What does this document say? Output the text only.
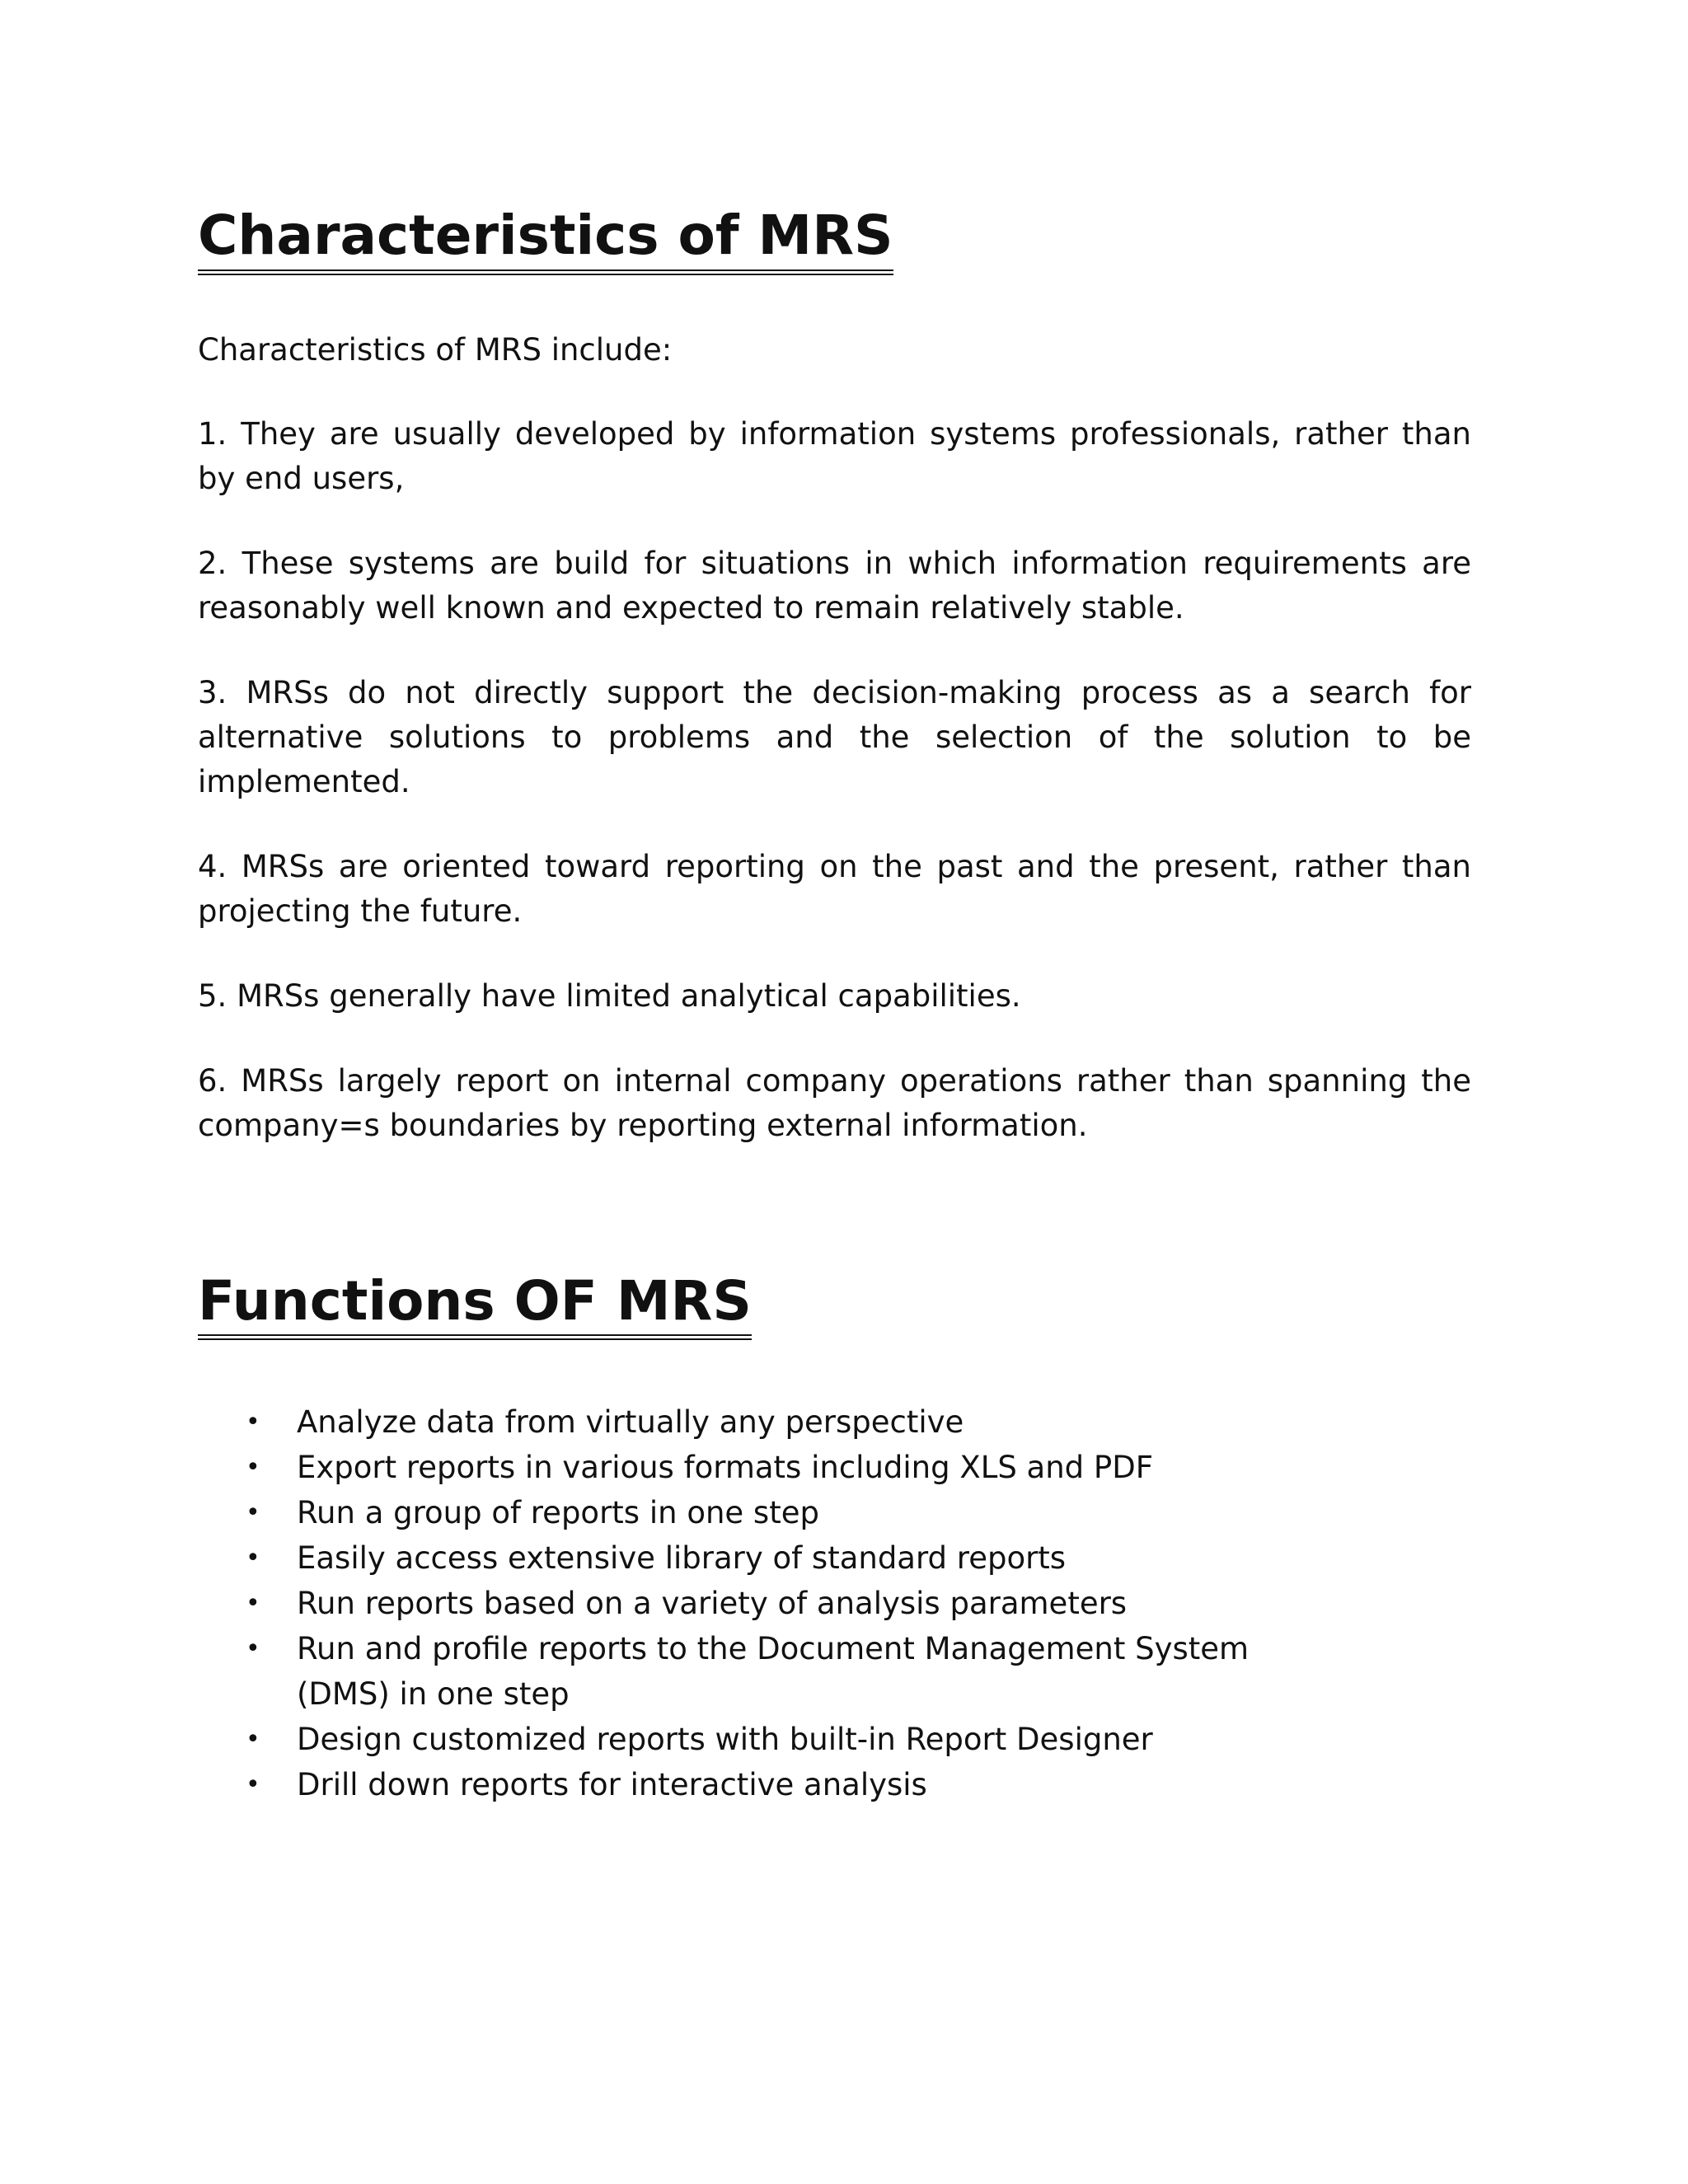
Characteristics of MRS

Characteristics of MRS include:

1. They are usually developed by information systems professionals, rather than by end users,

2. These systems are build for situations in which information requirements are reasonably well known and expected to remain relatively stable.

3. MRSs do not directly support the decision-making process as a search for alternative solutions to problems and the selection of the solution to be implemented.

4. MRSs are oriented toward reporting on the past and the present, rather than projecting the future.

5. MRSs generally have limited analytical capabilities.

6. MRSs largely report on internal company operations rather than spanning the company=s boundaries by reporting external information.

Functions OF MRS
• Analyze data from virtually any perspective
• Export reports in various formats including XLS and PDF
• Run a group of reports in one step
• Easily access extensive library of standard reports
• Run reports based on a variety of analysis parameters
• Run and profile reports to the Document Management System (DMS) in one step
• Design customized reports with built-in Report Designer
• Drill down reports for interactive analysis
